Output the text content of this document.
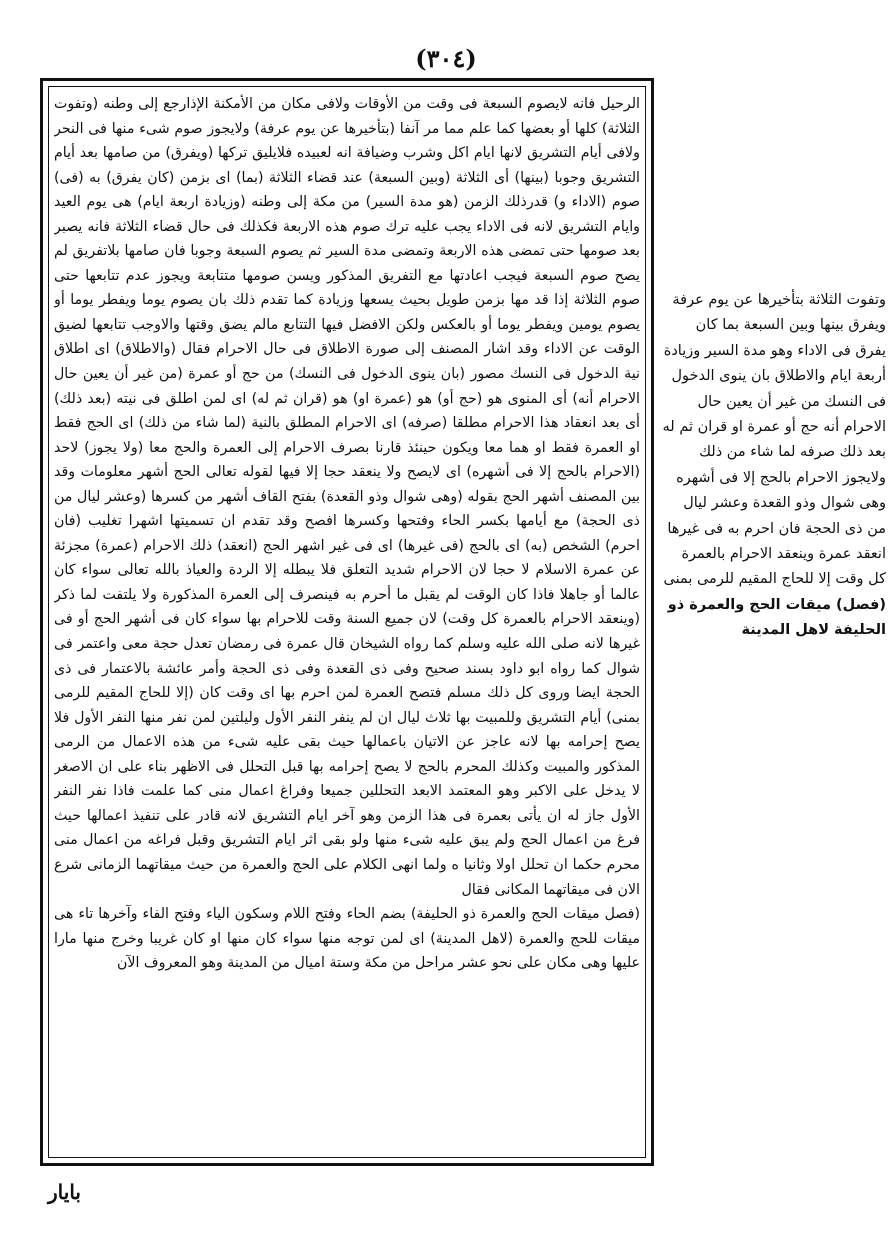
(٣٠٤)

الرحيل فانه لايصوم السبعة فى وقت من الأوقات ولافى مكان من الأمكنة الإذارجع إلى وطنه (وتفوت الثلاثة) كلها أو بعضها كما علم مما مر آنفا (بتأخيرها عن يوم عرفة) ولايجوز صوم شىء منها فى النحر ولافى أيام التشريق لانها ايام اكل وشرب وضيافة انه لعبيده فلايليق تركها (ويفرق) من صامها بعد أيام التشريق وجوبا (بينها) أى الثلاثة (وبين السبعة) عند قضاء الثلاثة (بما) اى بزمن (كان يفرق) به (فى) صوم (الاداء و) قدرذلك الزمن (هو مدة السير) من مكة إلى وطنه (وزيادة اربعة ايام) هى يوم العيد وايام التشريق لانه فى الاداء يجب عليه ترك صوم هذه الاربعة فكذلك فى حال قضاء الثلاثة فانه يصبر بعد صومها حتى تمضى هذه الاربعة وتمضى مدة السير ثم يصوم السبعة وجوبا فان صامها بلاتفريق لم يصح صوم السبعة فيجب اعادتها مع التفريق المذكور ويسن صومها متتابعة ويجوز عدم تتابعها حتى صوم الثلاثة إذا قد مها بزمن طويل بحيث يسعها وزيادة كما تقدم ذلك بان يصوم يوما ويفطر يوما أو يصوم يومين ويفطر يوما أو بالعكس ولكن الافضل فيها التتابع مالم يضق وقتها والاوجب تتابعها لضيق الوقت عن الاداء وقد اشار المصنف إلى صورة الاطلاق فى حال الاحرام فقال (والاطلاق) اى اطلاق نية الدخول فى النسك مصور (بان ينوى الدخول فى النسك) من حج أو عمرة (من غير أن يعين حال الاحرام أنه) أى المنوى هو (حج أو) هو (عمرة او) هو (قران ثم له) اى لمن اطلق فى نيته (بعد ذلك) أى بعد انعقاد هذا الاحرام مطلقا (صرفه) اى الاحرام المطلق بالنية (لما شاء من ذلك) اى الحج فقط او العمرة فقط او هما معا ويكون حينئذ قارنا بصرف الاحرام إلى العمرة والحج معا (ولا يجوز) لاحد (الاحرام بالحج إلا فى أشهره) اى لايصح ولا ينعقد حجا إلا فيها لقوله تعالى الحج أشهر معلومات وقد بين المصنف أشهر الحج بقوله (وهى شوال وذو القعدة) بفتح القاف أشهر من كسرها (وعشر ليال من ذى الحجة) مع أيامها بكسر الحاء وفتحها وكسرها افصح وقد تقدم ان تسميتها اشهرا تغليب (فان احرم) الشخص (به) اى بالحج (فى غيرها) اى فى غير اشهر الحج (انعقد) ذلك الاحرام (عمرة) مجزئة عن عمرة الاسلام لا حجا لان الاحرام شديد التعلق فلا يبطله إلا الردة والعياذ بالله تعالى سواء كان عالما أو جاهلا فاذا كان الوقت لم يقبل ما أحرم به فينصرف إلى العمرة المذكورة ولا يلتفت لما ذكر (وينعقد الاحرام بالعمرة كل وقت) لان جميع السنة وقت للاحرام بها سواء كان فى أشهر الحج أو فى غيرها لانه صلى الله عليه وسلم كما رواه الشيخان قال عمرة فى رمضان تعدل حجة معى واعتمر فى شوال كما رواه ابو داود بسند صحيح وفى ذى القعدة وفى ذى الحجة وأمر عائشة بالاعتمار فى ذى الحجة ايضا وروى كل ذلك مسلم فتصح العمرة لمن احرم بها اى وقت كان (إلا للحاج المقيم للرمى بمنى) أيام التشريق وللمبيت بها ثلاث ليال ان لم ينفر النفر الأول وليلتين لمن نفر منها النفر الأول فلا يصح إحرامه بها لانه عاجز عن الاتيان باعمالها حيث بقى عليه شىء من هذه الاعمال من الرمى المذكور والمبيت وكذلك المحرم بالحج لا يصح إحرامه بها قبل التحلل فى الاظهر بناء على ان الاصغر لا يدخل على الاكبر وهو المعتمد الابعد التحللين جميعا وفراغ اعمال منى كما علمت فاذا نفر النفر الأول جاز له ان يأتى بعمرة فى هذا الزمن وهو آخر ايام التشريق لانه قادر على تنفيذ اعمالها حيث فرغ من اعمال الحج ولم يبق عليه شىء منها ولو بقى اثر ايام التشريق وقبل فراغه من اعمال منى محرم حكما ان تحلل اولا وثانيا ه ولما انهى الكلام على الحج والعمرة من حيث ميقاتهما الزمانى شرع الان فى ميقاتهما المكانى فقال

(فصل ميقات الحج والعمرة ذو الحليفة) بضم الحاء وفتح اللام وسكون الياء وفتح الفاء وآخرها تاء هى ميقات للحج والعمرة (لاهل المدينة) اى لمن توجه منها سواء كان منها او كان غريبا وخرج منها مارا عليها وهى مكان على نحو عشر مراحل من مكة وستة اميال من المدينة وهو المعروف الآن

وتفوت الثلاثة بتأخيرها عن يوم عرفة ويفرق بينها وبين السبعة بما كان يفرق فى الاداء وهو مدة السير وزيادة أربعة ايام والاطلاق بان ينوى الدخول فى النسك من غير أن يعين حال الاحرام أنه حج أو عمرة او قران ثم له بعد ذلك صرفه لما شاء من ذلك ولايجوز الاحرام بالحج إلا فى أشهره وهى شوال وذو القعدة وعشر ليال من ذى الحجة فان احرم به فى غيرها انعقد عمرة وينعقد الاحرام بالعمرة كل وقت إلا للحاج المقيم للرمى بمنى

(فصل) ميقات الحج والعمرة ذو الحليفة لاهل المدينة

بايار
